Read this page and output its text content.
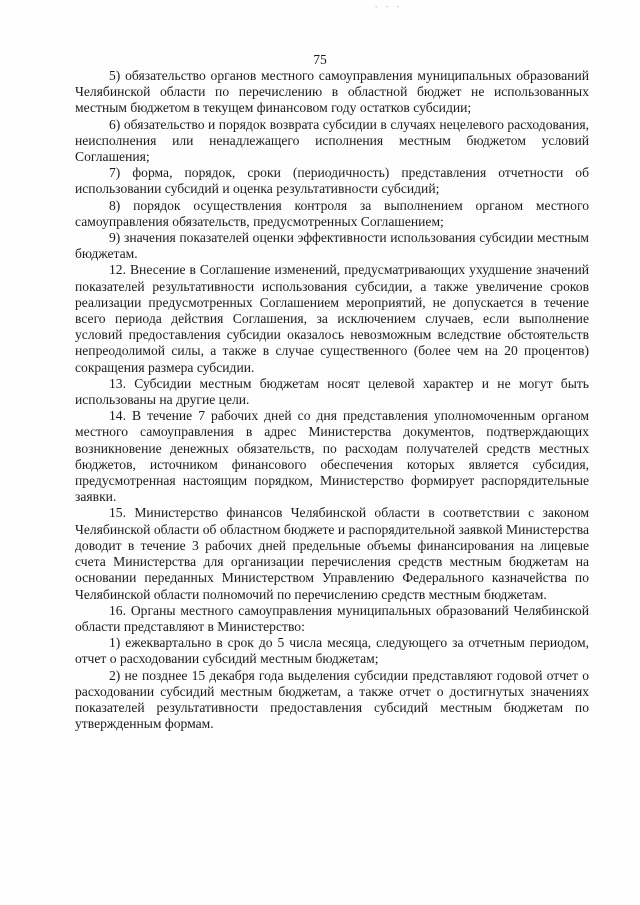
- - -
75

5) обязательство органов местного самоуправления муниципальных образований Челябинской области по перечислению в областной бюджет не использованных местным бюджетом в текущем финансовом году остатков субсидии;

6) обязательство и порядок возврата субсидии в случаях нецелевого расходования, неисполнения или ненадлежащего исполнения местным бюджетом условий Соглашения;

7) форма, порядок, сроки (периодичность) представления отчетности об использовании субсидий и оценка результативности субсидий;

8) порядок осуществления контроля за выполнением органом местного самоуправления обязательств, предусмотренных Соглашением;

9) значения показателей оценки эффективности использования субсидии местным бюджетам.

12. Внесение в Соглашение изменений, предусматривающих ухудшение значений показателей результативности использования субсидии, а также увеличение сроков реализации предусмотренных Соглашением мероприятий, не допускается в течение всего периода действия Соглашения, за исключением случаев, если выполнение условий предоставления субсидии оказалось невозможным вследствие обстоятельств непреодолимой силы, а также в случае существенного (более чем на 20 процентов) сокращения размера субсидии.

13. Субсидии местным бюджетам носят целевой характер и не могут быть использованы на другие цели.

14. В течение 7 рабочих дней со дня представления уполномоченным органом местного самоуправления в адрес Министерства документов, подтверждающих возникновение денежных обязательств, по расходам получателей средств местных бюджетов, источником финансового обеспечения которых является субсидия, предусмотренная настоящим порядком, Министерство формирует распорядительные заявки.

15. Министерство финансов Челябинской области в соответствии с законом Челябинской области об областном бюджете и распорядительной заявкой Министерства доводит в течение 3 рабочих дней предельные объемы финансирования на лицевые счета Министерства для организации перечисления средств местным бюджетам на основании переданных Министерством Управлению Федерального казначейства по Челябинской области полномочий по перечислению средств местным бюджетам.

16. Органы местного самоуправления муниципальных образований Челябинской области представляют в Министерство:

1) ежеквартально в срок до 5 числа месяца, следующего за отчетным периодом, отчет о расходовании субсидий местным бюджетам;

2) не позднее 15 декабря года выделения субсидии представляют годовой отчет о расходовании субсидий местным бюджетам, а также отчет о достигнутых значениях показателей результативности предоставления субсидий местным бюджетам по утвержденным формам.
